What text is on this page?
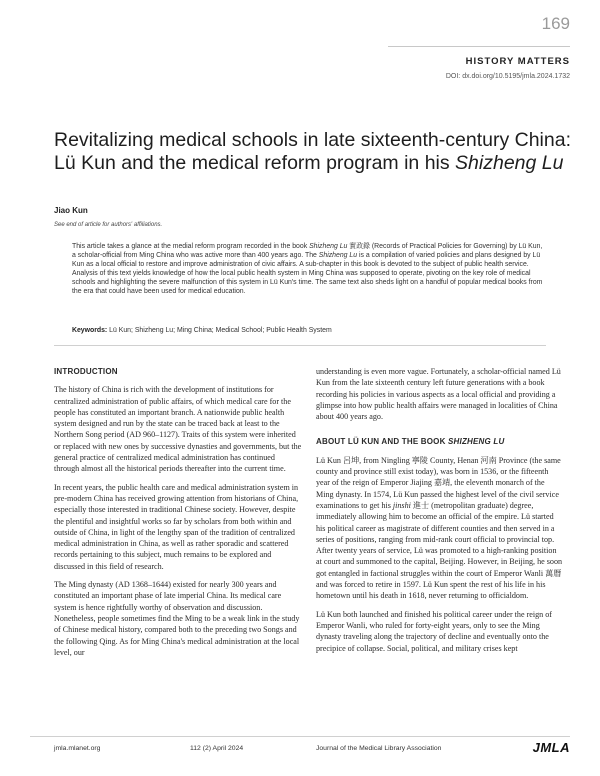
169
HISTORY MATTERS
DOI: dx.doi.org/10.5195/jmla.2024.1732
Revitalizing medical schools in late sixteenth-century China: Lü Kun and the medical reform program in his Shizheng Lu
Jiao Kun
See end of article for authors' affiliations.
This article takes a glance at the medial reform program recorded in the book Shizheng Lu 實政錄 (Records of Practical Policies for Governing) by Lü Kun, a scholar-official from Ming China who was active more than 400 years ago. The Shizheng Lu is a compilation of varied policies and plans designed by Lü Kun as a local official to restore and improve administration of civic affairs. A sub-chapter in this book is devoted to the subject of public health service. Analysis of this text yields knowledge of how the local public health system in Ming China was supposed to operate, pivoting on the key role of medical schools and highlighting the severe malfunction of this system in Lü Kun's time. The same text also sheds light on a handful of popular medical books from the era that could have been used for medical education.
Keywords: Lü Kun; Shizheng Lu; Ming China; Medical School; Public Health System
INTRODUCTION

The history of China is rich with the development of institutions for centralized administration of public affairs, of which medical care for the people has constituted an important branch. A nationwide public health system designed and run by the state can be traced back at least to the Northern Song period (AD 960–1127). Traits of this system were inherited or replaced with new ones by successive dynasties and governments, but the general practice of centralized medical administration has continued through almost all the historical periods thereafter into the current time.

In recent years, the public health care and medical administration system in pre-modern China has received growing attention from historians of China, especially those interested in traditional Chinese society. However, despite the plentiful and insightful works so far by scholars from both within and outside of China, in light of the lengthy span of the tradition of centralized medical administration in China, as well as rather sporadic and scattered records pertaining to this subject, much remains to be explored and discussed in this field of research.

The Ming dynasty (AD 1368–1644) existed for nearly 300 years and constituted an important phase of late imperial China. Its medical care system is hence rightfully worthy of observation and discussion. Nonetheless, people sometimes find the Ming to be a weak link in the study of Chinese medical history, compared both to the preceding two Songs and the following Qing. As for Ming China's medical administration at the local level, our

understanding is even more vague. Fortunately, a scholar-official named Lü Kun from the late sixteenth century left future generations with a book recording his policies in various aspects as a local official and providing a glimpse into how public health affairs were managed in localities of China about 400 years ago.

ABOUT LÜ KUN AND THE BOOK SHIZHENG LU

Lü Kun 呂坤, from Ningling 寧陵 County, Henan 河南 Province (the same county and province still exist today), was born in 1536, or the fifteenth year of the reign of Emperor Jiajing 嘉靖, the eleventh monarch of the Ming dynasty. In 1574, Lü Kun passed the highest level of the civil service examinations to get his jinshi 進士 (metropolitan graduate) degree, immediately allowing him to become an official of the empire. Lü started his political career as magistrate of different counties and then served in a series of positions, ranging from mid-rank court official to provincial top. After twenty years of service, Lü was promoted to a high-ranking position at court and summoned to the capital, Beijing. However, in Beijing, he soon got entangled in factional struggles within the court of Emperor Wanli 萬曆 and was forced to retire in 1597. Lü Kun spent the rest of his life in his hometown until his death in 1618, never returning to officialdom.

Lü Kun both launched and finished his political career under the reign of Emperor Wanli, who ruled for forty-eight years, only to see the Ming dynasty traveling along the trajectory of decline and eventually onto the precipice of collapse. Social, political, and military crises kept

jmla.mlanet.org	112 (2) April 2024	Journal of the Medical Library Association	JMLA
